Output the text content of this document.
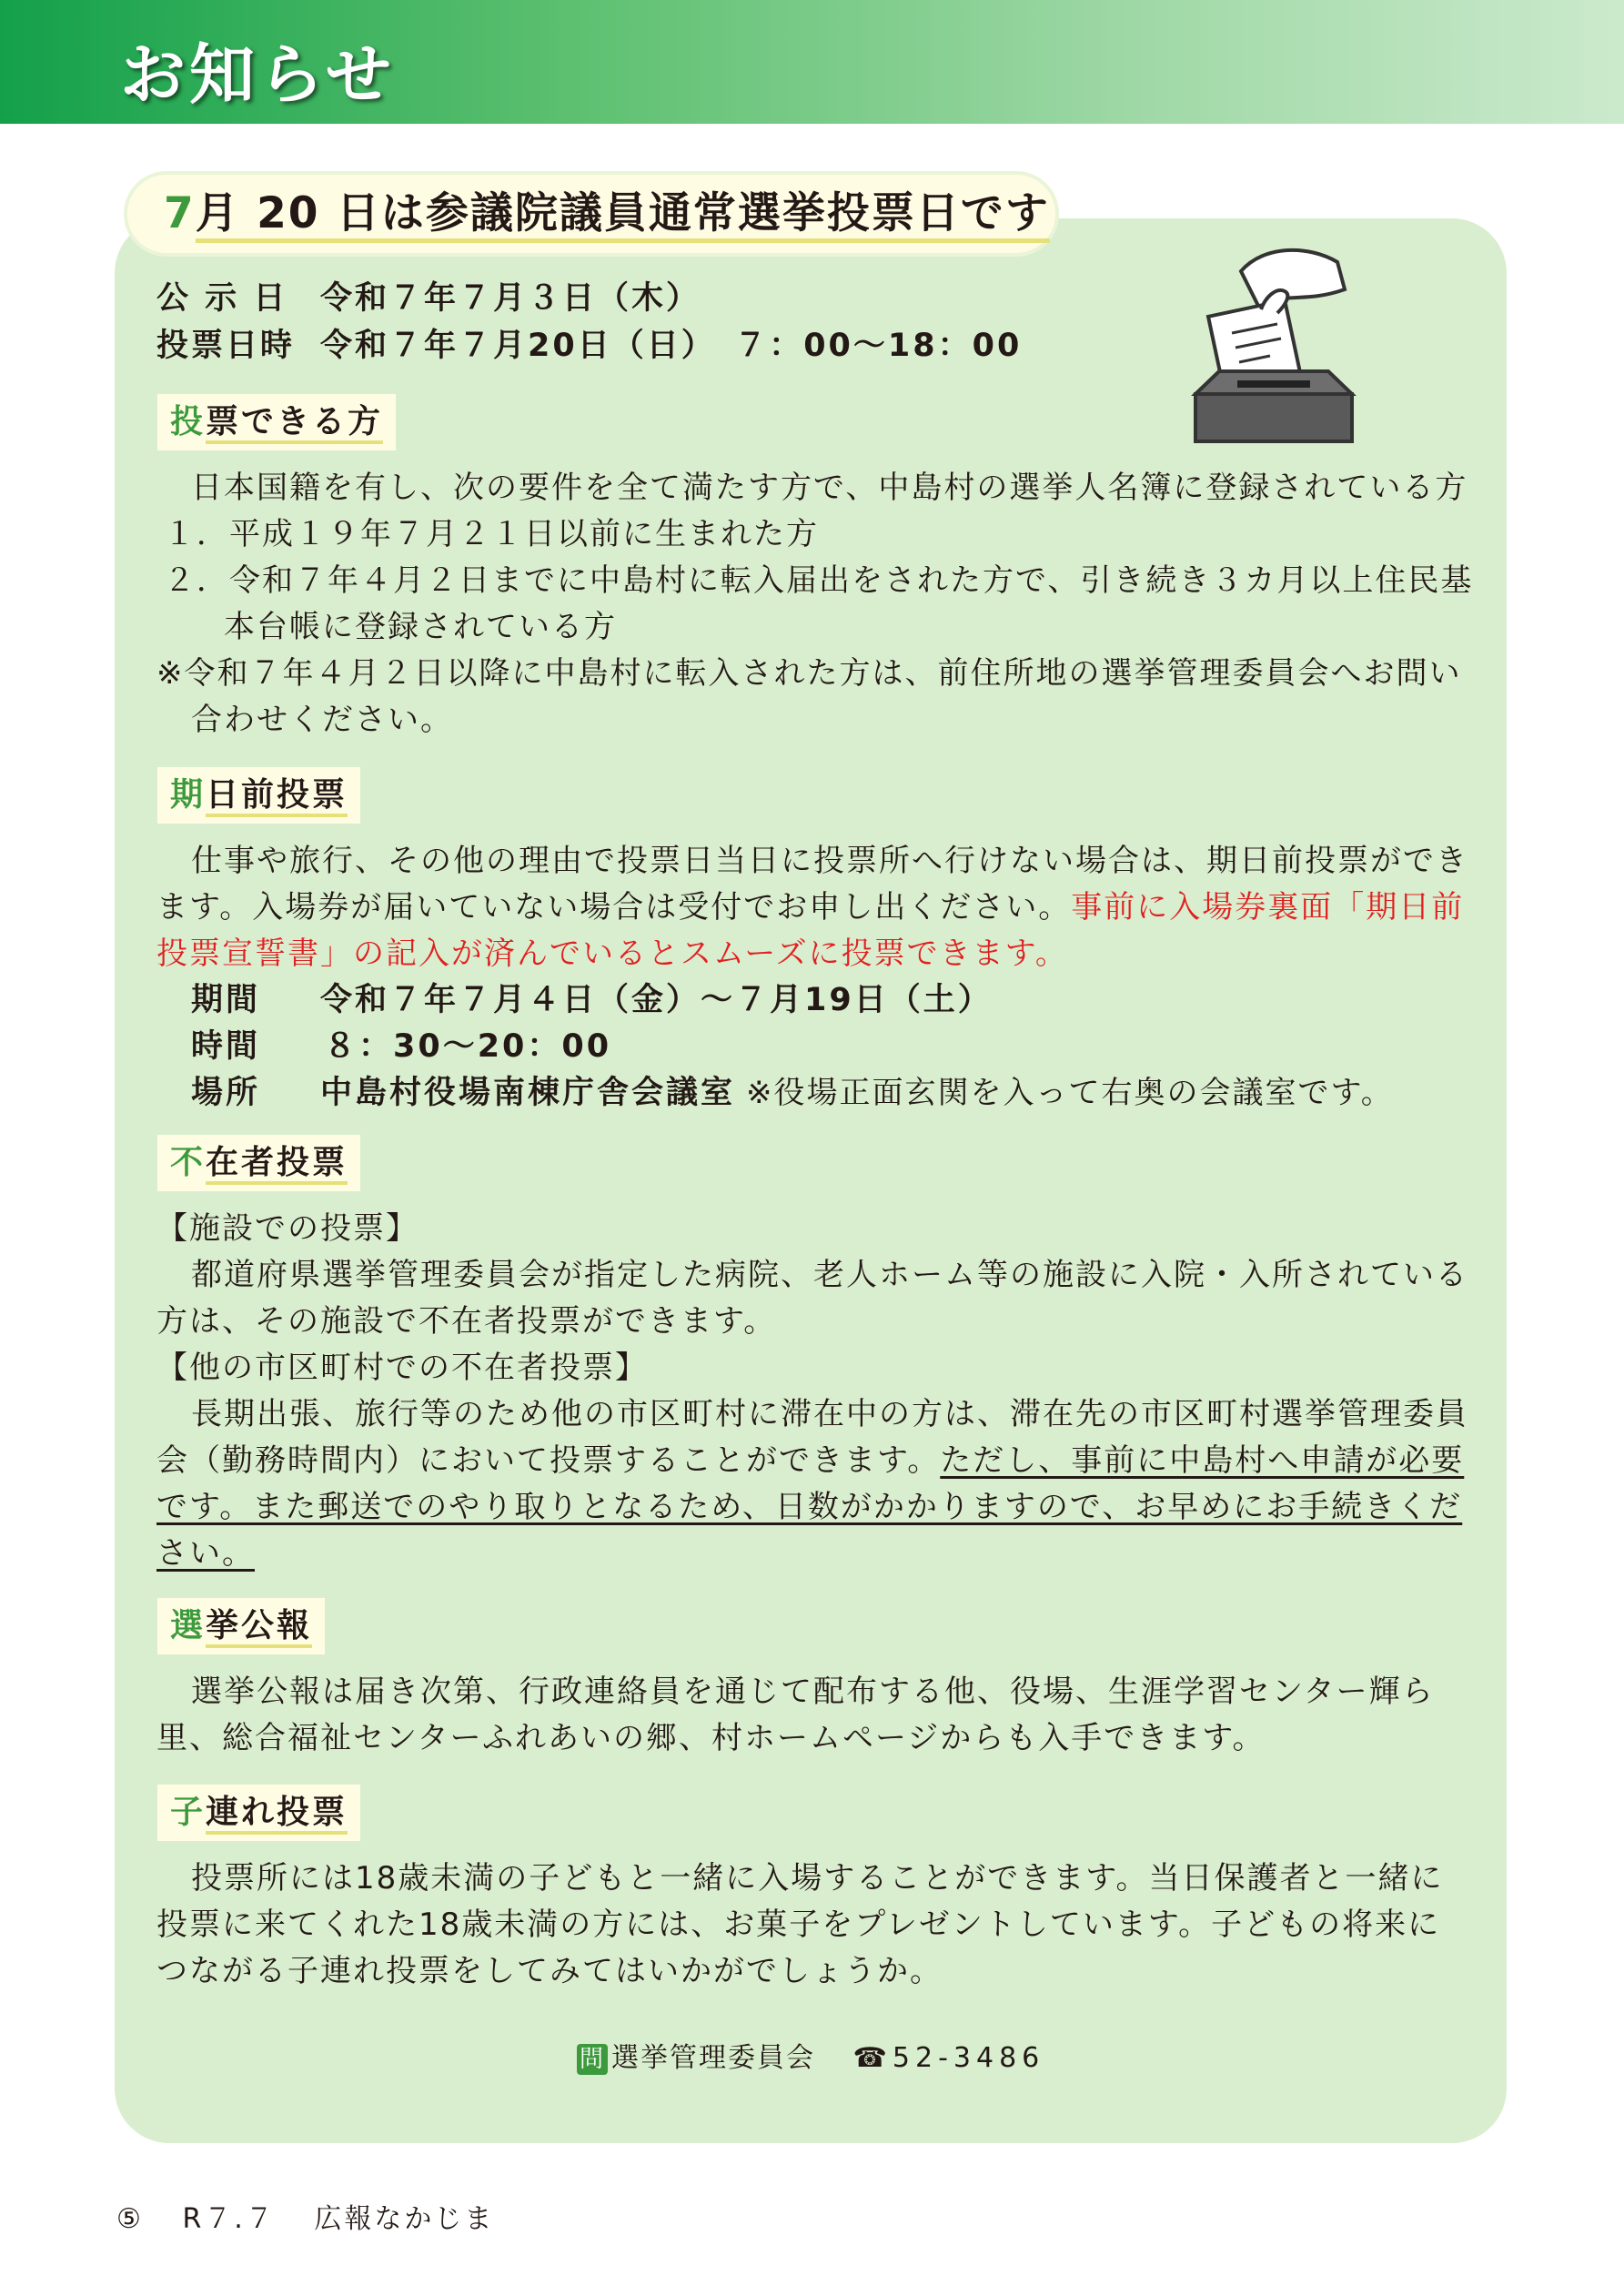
お知らせ
7月 20 日は参議院議員通常選挙投票日です
公 示 日 令和７年７月３日（木）
投票日時 令和７年７月20日（日）　７：00～18：00
投票できる方
日本国籍を有し、次の要件を全て満たす方で、中島村の選挙人名簿に登録されている方
１．平成１９年７月２１日以前に生まれた方
２．令和７年４月２日までに中島村に転入届出をされた方で、引き続き３カ月以上住民基
本台帳に登録されている方
※令和７年４月２日以降に中島村に転入された方は、前住所地の選挙管理委員会へお問い
合わせください。
期日前投票
仕事や旅行、その他の理由で投票日当日に投票所へ行けない場合は、期日前投票ができ
ます。入場券が届いていない場合は受付でお申し出ください。事前に入場券裏面「期日前
投票宣誓書」の記入が済んでいるとスムーズに投票できます。
期間 令和７年７月４日（金）～７月19日（土）
時間 ８：30～20：00
場所 中島村役場南棟庁舎会議室 ※役場正面玄関を入って右奥の会議室です。
不在者投票
【施設での投票】
都道府県選挙管理委員会が指定した病院、老人ホーム等の施設に入院・入所されている
方は、その施設で不在者投票ができます。
【他の市区町村での不在者投票】
長期出張、旅行等のため他の市区町村に滞在中の方は、滞在先の市区町村選挙管理委員
会（勤務時間内）において投票することができます。ただし、事前に中島村へ申請が必要
です。また郵送でのやり取りとなるため、日数がかかりますので、お早めにお手続きくだ
さい。
選挙公報
選挙公報は届き次第、行政連絡員を通じて配布する他、役場、生涯学習センター輝ら
里、総合福祉センターふれあいの郷、村ホームページからも入手できます。
子連れ投票
投票所には18歳未満の子どもと一緒に入場することができます。当日保護者と一緒に
投票に来てくれた18歳未満の方には、お菓子をプレゼントしています。子どもの将来に
つながる子連れ投票をしてみてはいかがでしょうか。
問 選挙管理委員会 ☎52-3486
⑤ R７.７ 広報なかじま
